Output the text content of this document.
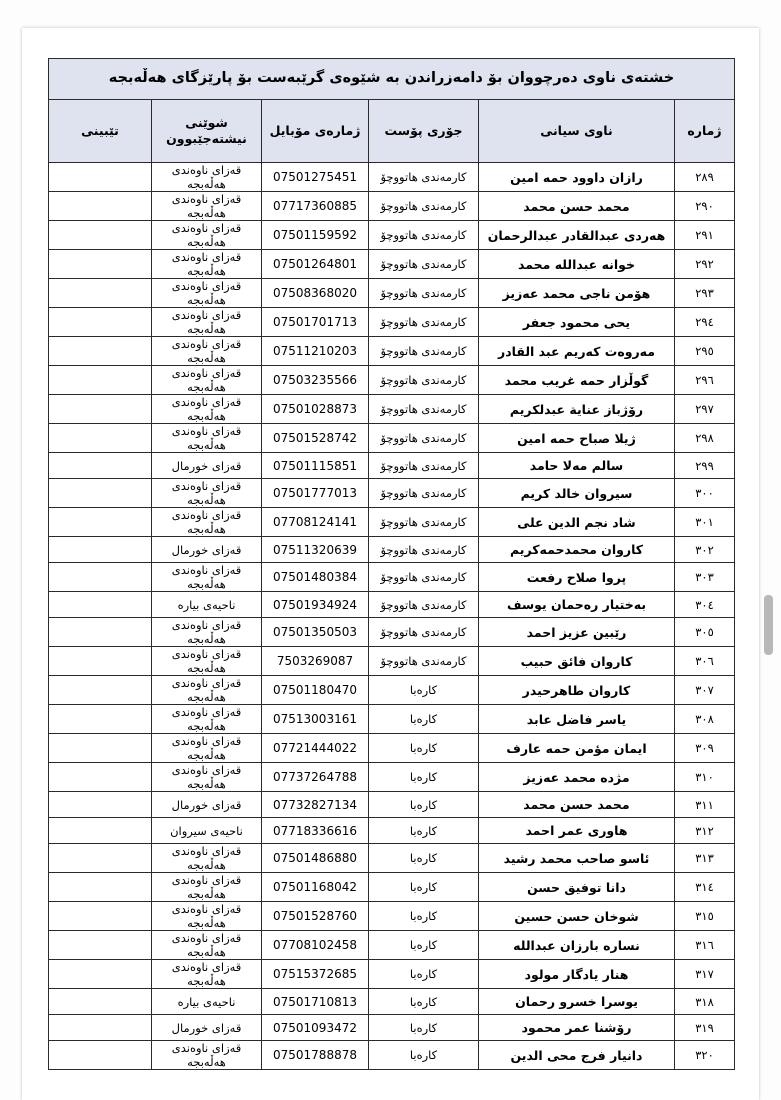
خشتەی ناوی دەرچووان بۆ دامەزراندن بە شێوەی گرێبەست بۆ پارێزگای هەڵەبجە					
ژمارە	ناوی سیانی	جۆری پۆست	ژمارەی مۆبایل	شوێنی نیشتەجێبوون	تێبینی
٢٨٩	رازان داوود حمه امین	کارمەندی هاتووچۆ	07501275451	قەزای ناوەندی هەڵەبجە	
٢٩٠	محمد حسن محمد	کارمەندی هاتووچۆ	07717360885	قەزای ناوەندی هەڵەبجە	
٢٩١	هەردی عبدالقادر عبدالرحمان	کارمەندی هاتووچۆ	07501159592	قەزای ناوەندی هەڵەبجە	
٢٩٢	خوانە عبدالله محمد	کارمەندی هاتووچۆ	07501264801	قەزای ناوەندی هەڵەبجە	
٢٩٣	هۆمن ناجی محمد عەزیز	کارمەندی هاتووچۆ	07508368020	قەزای ناوەندی هەڵەبجە	
٢٩٤	یحی محمود جعفر	کارمەندی هاتووچۆ	07501701713	قەزای ناوەندی هەڵەبجە	
٢٩٥	مەروەت کەریم عبد القادر	کارمەندی هاتووچۆ	07511210203	قەزای ناوەندی هەڵەبجە	
٢٩٦	گوڵزار حمه غریب محمد	کارمەندی هاتووچۆ	07503235566	قەزای ناوەندی هەڵەبجە	
٢٩٧	رۆژباز عنایة عبدلکریم	کارمەندی هاتووچۆ	07501028873	قەزای ناوەندی هەڵەبجە	
٢٩٨	ژیلا صباح حمه امین	کارمەندی هاتووچۆ	07501528742	قەزای ناوەندی هەڵەبجە	
٢٩٩	سالم مەلا حامد	کارمەندی هاتووچۆ	07501115851	قەزای خورمال	
٣٠٠	سیروان خالد کریم	کارمەندی هاتووچۆ	07501777013	قەزای ناوەندی هەڵەبجە	
٣٠١	شاد نجم الدین علی	کارمەندی هاتووچۆ	07708124141	قەزای ناوەندی هەڵەبجە	
٣٠٢	کاروان محمدحمەکریم	کارمەندی هاتووچۆ	07511320639	قەزای خورمال	
٣٠٣	پروا صلاح رفعت	کارمەندی هاتووچۆ	07501480384	قەزای ناوەندی هەڵەبجە	
٣٠٤	بەختیار رەحمان یوسف	کارمەندی هاتووچۆ	07501934924	ناحیەی بیارە	
٣٠٥	رێبین عزیز احمد	کارمەندی هاتووچۆ	07501350503	قەزای ناوەندی هەڵەبجە	
٣٠٦	کاروان فائق حبیب	کارمەندی هاتووچۆ	7503269087	قەزای ناوەندی هەڵەبجە	
٣٠٧	کاروان طاهرحیدر	کارەبا	07501180470	قەزای ناوەندی هەڵەبجە	
٣٠٨	یاسر فاضل عابد	کارەبا	07513003161	قەزای ناوەندی هەڵەبجە	
٣٠٩	ایمان مؤمن حمه عارف	کارەبا	07721444022	قەزای ناوەندی هەڵەبجە	
٣١٠	مژدە محمد عەزیز	کارەبا	07737264788	قەزای ناوەندی هەڵەبجە	
٣١١	محمد حسن محمد	کارەبا	07732827134	قەزای خورمال	
٣١٢	هاوری عمر احمد	کارەبا	07718336616	ناحیەی سیروان	
٣١٣	ئاسو صاحب محمد رشید	کارەبا	07501486880	قەزای ناوەندی هەڵەبجە	
٣١٤	دانا توفیق حسن	کارەبا	07501168042	قەزای ناوەندی هەڵەبجە	
٣١٥	شوخان حسن حسین	کارەبا	07501528760	قەزای ناوەندی هەڵەبجە	
٣١٦	نسارە بارزان عبدالله	کارەبا	07708102458	قەزای ناوەندی هەڵەبجە	
٣١٧	هنار یادگار مولود	کارەبا	07515372685	قەزای ناوەندی هەڵەبجە	
٣١٨	یوسرا خسرو رحمان	کارەبا	07501710813	ناحیەی بیارە	
٣١٩	رۆشنا عمر محمود	کارەبا	07501093472	قەزای خورمال	
٣٢٠	دانیار فرج محی الدین	کارەبا	07501788878	قەزای ناوەندی هەڵەبجە	
